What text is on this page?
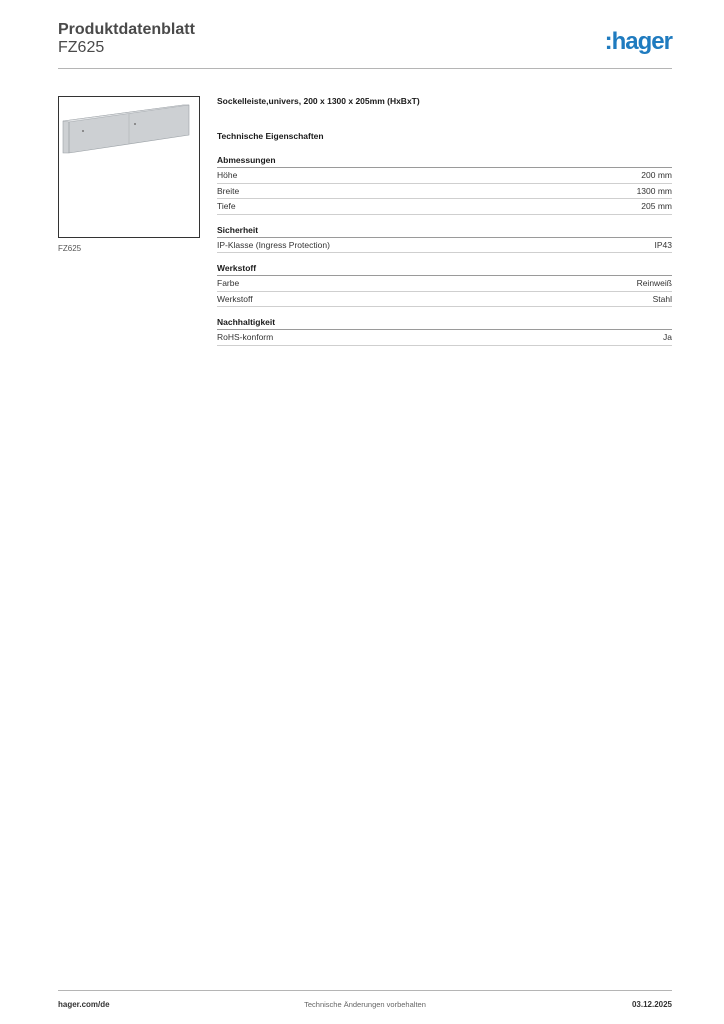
Produktdatenblatt
FZ625	:hager
FZ625
Sockelleiste,univers, 200 x 1300 x 205mm (HxBxT)
Technische Eigenschaften
Abmessungen
Höhe	200 mm
Breite	1300 mm
Tiefe	205 mm
Sicherheit
IP-Klasse (Ingress Protection)	IP43
Werkstoff
Farbe	Reinweiß
Werkstoff	Stahl
Nachhaltigkeit
RoHS-konform	Ja
hager.com/de	Technische Änderungen vorbehalten	03.12.2025
